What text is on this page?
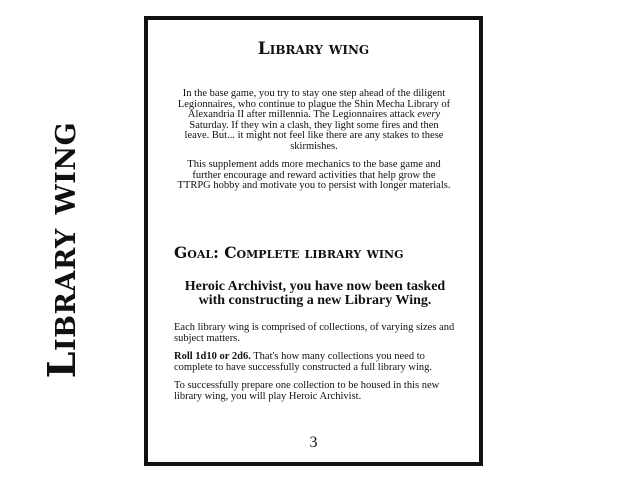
Library wing
Library wing

In the base game, you try to stay one step ahead of the diligent Legionnaires, who continue to plague the Shin Mecha Library of Alexandria II after millennia. The Legionnaires attack every Saturday. If they win a clash, they light some fires and then leave. But... it might not feel like there are any stakes to these skirmishes.

This supplement adds more mechanics to the base game and further encourage and reward activities that help grow the TTRPG hobby and motivate you to persist with longer materials.

Goal: Complete library wing
Heroic Archivist, you have now been tasked with constructing a new Library Wing.

Each library wing is comprised of collections, of varying sizes and subject matters.

Roll 1d10 or 2d6. That's how many collections you need to complete to have successfully constructed a full library wing.

To successfully prepare one collection to be housed in this new library wing, you will play Heroic Archivist.

3
